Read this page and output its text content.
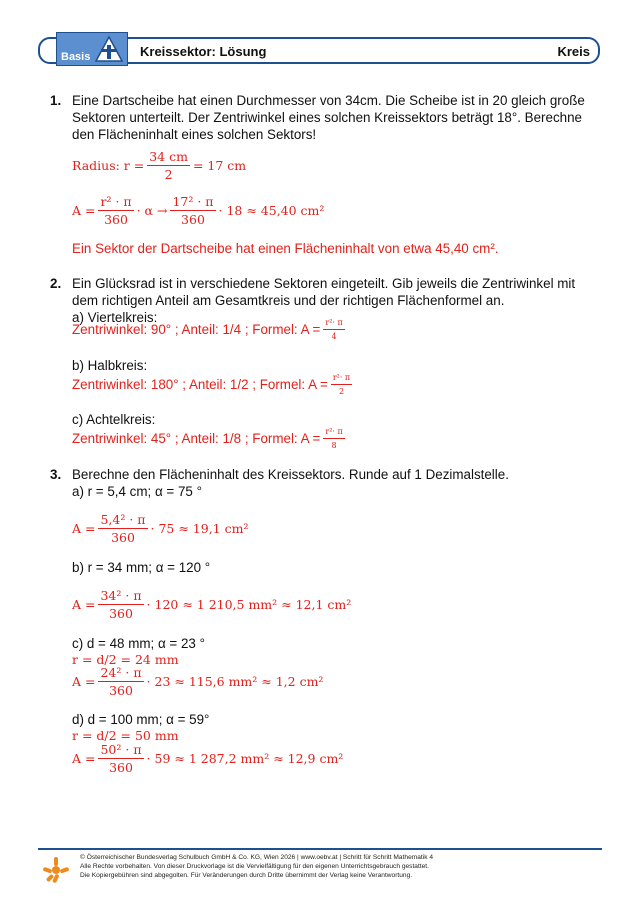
Basis	Kreissektor: Lösung	Kreis
1. Eine Dartscheibe hat einen Durchmesser von 34cm. Die Scheibe ist in 20 gleich große Sektoren unterteilt. Der Zentriwinkel eines solchen Kreissektors beträgt 18°. Berechne den Flächeninhalt eines solchen Sektors!
Radius: $r = \frac{34 cm}{2} = 17$ cm
$A = \frac{\text{r² · π}}{360} \cdot \alpha \to \frac{\text{17² · π}}{360} \cdot 18 \approx 45,40$ cm²
Ein Sektor der Dartscheibe hat einen Flächeninhalt von etwa 45,40 cm².
2. Ein Glücksrad ist in verschiedene Sektoren eingeteilt. Gib jeweils die Zentriwinkel mit dem richtigen Anteil am Gesamtkreis und der richtigen Flächenformel an.
a) Viertelkreis:
Zentriwinkel: 90° ; Anteil: 1/4 ; Formel: $A = \frac{\text{r²· π}}{4}$
b) Halbkreis:
Zentriwinkel: 180° ; Anteil: 1/2 ; Formel: $A = \frac{\text{r²· π}}{2}$
c) Achtelkreis:
Zentriwinkel: 45° ; Anteil: 1/8 ; Formel: $A = \frac{\text{r²· π}}{8}$
3. Berechne den Flächeninhalt des Kreissektors. Runde auf 1 Dezimalstelle.
a) r = 5,4 cm; α = 75 °
$A = \frac{\text{5,4² · π}}{360} \cdot 75 \approx 19,1$ cm²
b) r = 34 mm; α = 120 °
$A = \frac{\text{34² · π}}{360} \cdot 120 \approx 1$ 210,5 mm² ≈ 12,1 cm²
c) d = 48 mm; α = 23 °
r = d/2 = 24 mm
$A = \frac{\text{24² · π}}{360} \cdot 23 \approx 115,6$ mm² ≈ 1,2 cm²
d) d = 100 mm; α = 59°
r = d/2 = 50 mm
$A = \frac{\text{50² · π}}{360} \cdot 59 \approx 1$ 287,2 mm² ≈ 12,9 cm²
© Österreichischer Bundesverlag Schulbuch GmbH & Co. KG, Wien 2026 | www.oebv.at | Schritt für Schritt Mathematik 4
Alle Rechte vorbehalten. Von dieser Druckvorlage ist die Vervielfältigung für den eigenen Unterrichtsgebrauch gestattet.
Die Kopiergebühren sind abgegolten. Für Veränderungen durch Dritte übernimmt der Verlag keine Verantwortung.
